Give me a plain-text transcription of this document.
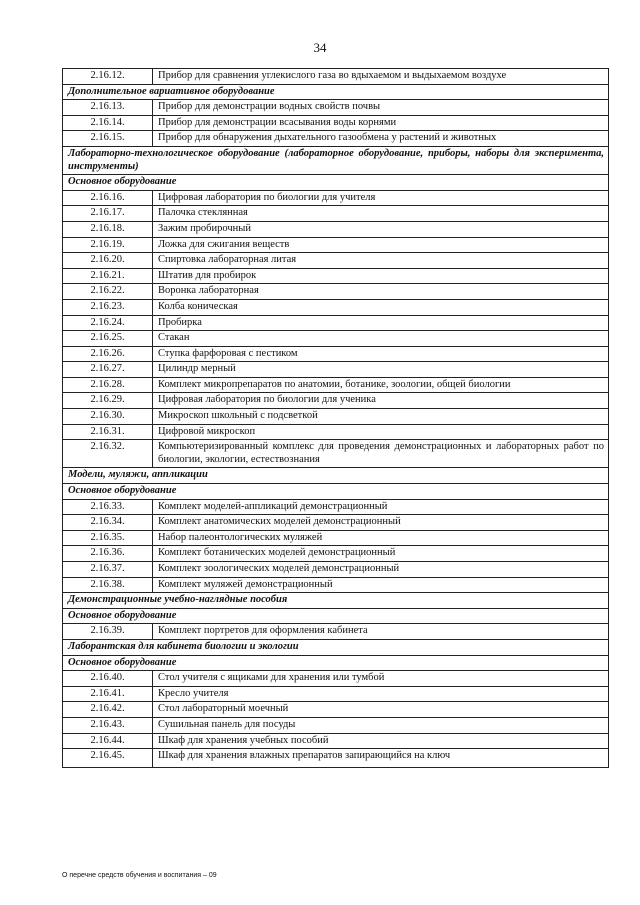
34
2.16.12.	Прибор для сравнения углекислого газа во вдыхаемом и выдыхаемом воздухе
Дополнительное вариативное оборудование	
2.16.13.	Прибор для демонстрации водных свойств почвы
2.16.14.	Прибор для демонстрации всасывания воды корнями
2.16.15.	Прибор для обнаружения дыхательного газообмена у растений и животных
Лабораторно-технологическое оборудование (лабораторное оборудование, приборы, наборы для эксперимента, инструменты)	
Основное оборудование	
2.16.16.	Цифровая лаборатория по биологии для учителя
2.16.17.	Палочка стеклянная
2.16.18.	Зажим пробирочный
2.16.19.	Ложка для сжигания веществ
2.16.20.	Спиртовка лабораторная литая
2.16.21.	Штатив для пробирок
2.16.22.	Воронка лабораторная
2.16.23.	Колба коническая
2.16.24.	Пробирка
2.16.25.	Стакан
2.16.26.	Ступка фарфоровая с пестиком
2.16.27.	Цилиндр мерный
2.16.28.	Комплект микропрепаратов по анатомии, ботанике, зоологии, общей биологии
2.16.29.	Цифровая лаборатория по биологии для ученика
2.16.30.	Микроскоп школьный с подсветкой
2.16.31.	Цифровой микроскоп
2.16.32.	Компьютеризированный комплекс для проведения демонстрационных и лабораторных работ по биологии, экологии, естествознания
Модели, муляжи, аппликации	
Основное оборудование	
2.16.33.	Комплект моделей-аппликаций демонстрационный
2.16.34.	Комплект анатомических моделей демонстрационный
2.16.35.	Набор палеонтологических муляжей
2.16.36.	Комплект ботанических моделей демонстрационный
2.16.37.	Комплект зоологических моделей демонстрационный
2.16.38.	Комплект муляжей демонстрационный
Демонстрационные учебно-наглядные пособия	
Основное оборудование	
2.16.39.	Комплект портретов для оформления кабинета
Лаборантская для кабинета биологии и экологии	
Основное оборудование	
2.16.40.	Стол учителя с ящиками для хранения или тумбой
2.16.41.	Кресло учителя
2.16.42.	Стол лабораторный моечный
2.16.43.	Сушильная панель для посуды
2.16.44.	Шкаф для хранения учебных пособий
2.16.45.	Шкаф для хранения влажных препаратов запирающийся на ключ
О перечне средств обучения и воспитания – 09
